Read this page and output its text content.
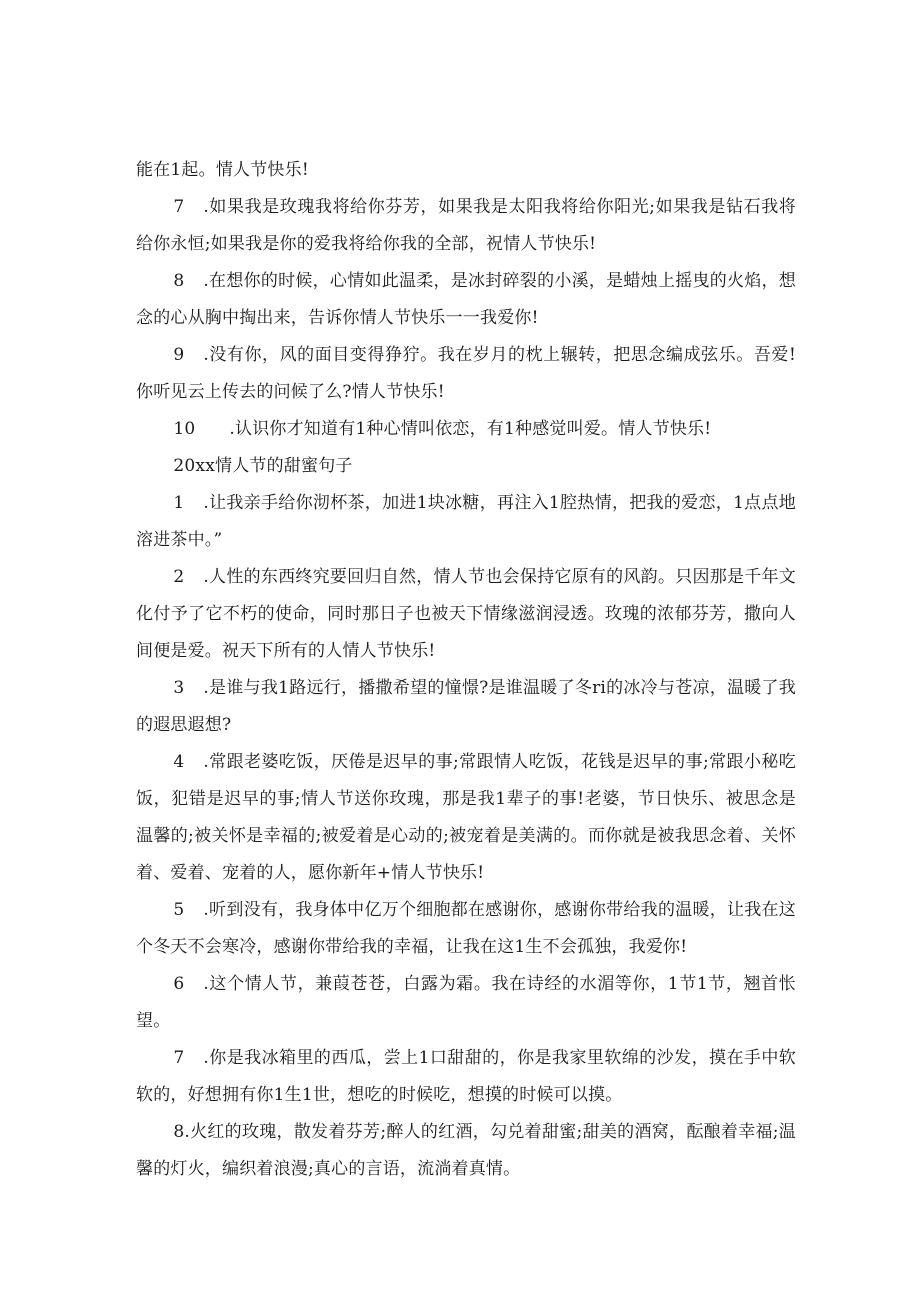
能在1起。情人节快乐!

7 .如果我是玫瑰我将给你芬芳，如果我是太阳我将给你阳光;如果我是钻石我将给你永恒;如果我是你的爱我将给你我的全部，祝情人节快乐!

8 .在想你的时候，心情如此温柔，是冰封碎裂的小溪，是蜡烛上摇曳的火焰，想念的心从胸中掏出来，告诉你情人节快乐一一我爱你!

9 .没有你，风的面目变得狰狞。我在岁月的枕上辗转，把思念编成弦乐。吾爱!你听见云上传去的问候了么?情人节快乐!

10 .认识你才知道有1种心情叫依恋，有1种感觉叫爱。情人节快乐!

20xx情人节的甜蜜句子

1 .让我亲手给你沏杯茶，加进1块冰糖，再注入1腔热情，把我的爱恋，1点点地溶进茶中。”

2 .人性的东西终究要回归自然，情人节也会保持它原有的风韵。只因那是千年文化付予了它不朽的使命，同时那日子也被天下情缘滋润浸透。玫瑰的浓郁芬芳，撒向人间便是爱。祝天下所有的人情人节快乐!

3 .是谁与我1路远行，播撒希望的憧憬?是谁温暖了冬ri的冰冷与苍凉，温暖了我的遐思遐想?

4 .常跟老婆吃饭，厌倦是迟早的事;常跟情人吃饭，花钱是迟早的事;常跟小秘吃饭，犯错是迟早的事;情人节送你玫瑰，那是我1辈子的事!老婆，节日快乐、被思念是温馨的;被关怀是幸福的;被爱着是心动的;被宠着是美满的。而你就是被我思念着、关怀着、爱着、宠着的人，愿你新年+情人节快乐!

5 .听到没有，我身体中亿万个细胞都在感谢你，感谢你带给我的温暖，让我在这个冬天不会寒冷，感谢你带给我的幸福，让我在这1生不会孤独，我爱你!

6 .这个情人节，兼葭苍苍，白露为霜。我在诗经的水湄等你，1节1节，翘首怅望。

7 .你是我冰箱里的西瓜，尝上1口甜甜的，你是我家里软绵的沙发，摸在手中软软的，好想拥有你1生1世，想吃的时候吃，想摸的时候可以摸。

8.火红的玫瑰，散发着芬芳;醉人的红酒，勾兑着甜蜜;甜美的酒窝，酝酿着幸福;温馨的灯火，编织着浪漫;真心的言语，流淌着真情。
